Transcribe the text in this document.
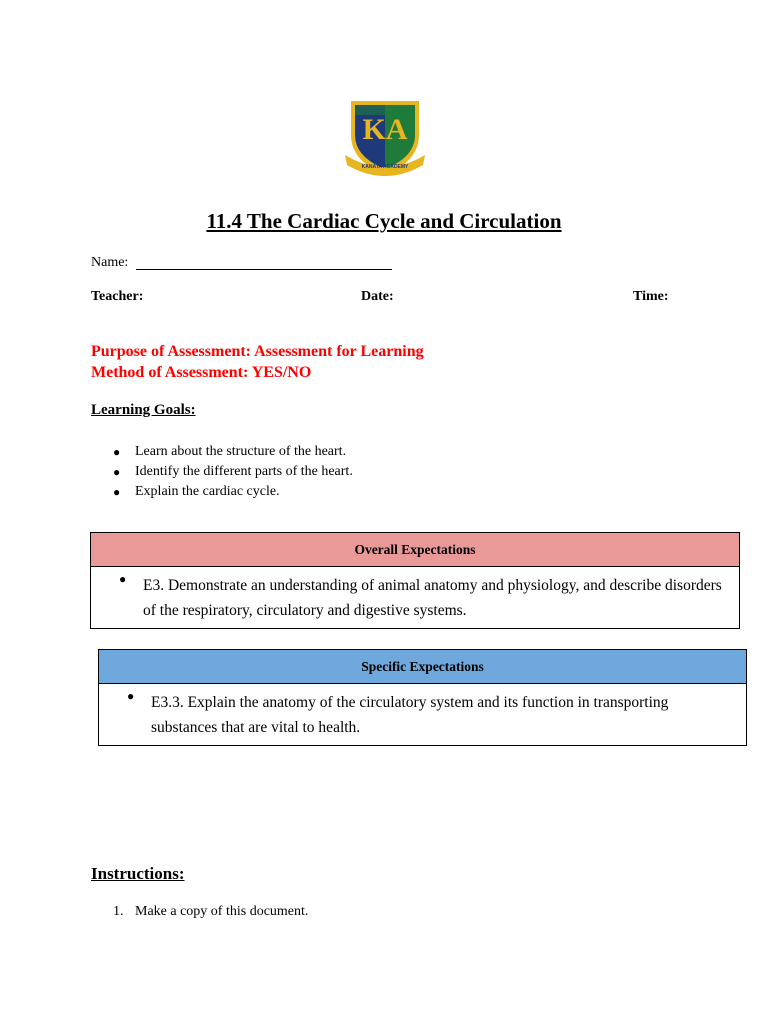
KA
KANATA ACADEMY
11.4 The Cardiac Cycle and Circulation
Name:
Teacher:	Date:	Time:
Purpose of Assessment: Assessment for Learning
Method of Assessment: YES/NO
Learning Goals:
● Learn about the structure of the heart.
● Identify the different parts of the heart.
● Explain the cardiac cycle.
Overall Expectations
● E3. Demonstrate an understanding of animal anatomy and physiology, and describe disorders of the respiratory, circulatory and digestive systems.
Specific Expectations
● E3.3. Explain the anatomy of the circulatory system and its function in transporting substances that are vital to health.
Instructions:
1. Make a copy of this document.
